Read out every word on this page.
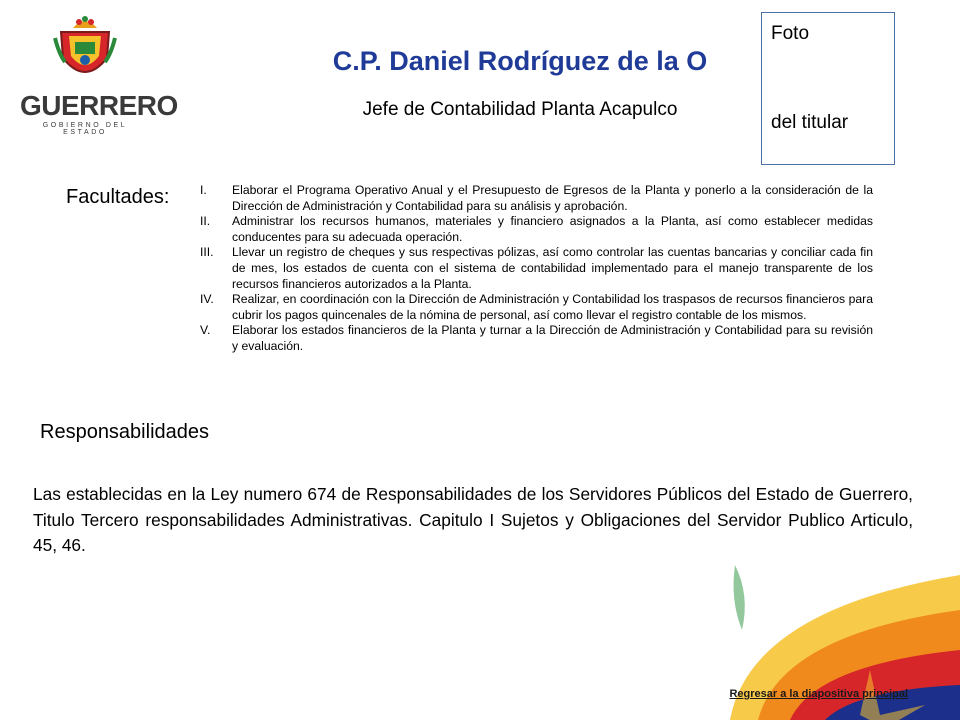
GUERRERO
GOBIERNO DEL ESTADO
C.P. Daniel Rodríguez de la O
Jefe de Contabilidad Planta Acapulco
Foto
del titular
Facultades:	I. Elaborar el Programa Operativo Anual y el Presupuesto de Egresos de la Planta y ponerlo a la consideración de la Dirección de Administración y Contabilidad para su análisis y aprobación.
II. Administrar los recursos humanos, materiales y financiero asignados a la Planta, así como establecer medidas conducentes para su adecuada operación.
III. Llevar un registro de cheques y sus respectivas pólizas, así como controlar las cuentas bancarias y conciliar cada fin de mes, los estados de cuenta con el sistema de contabilidad implementado para el manejo transparente de los recursos financieros autorizados a la Planta.
IV. Realizar, en coordinación con la Dirección de Administración y Contabilidad los traspasos de recursos financieros para cubrir los pagos quincenales de la nómina de personal, así como llevar el registro contable de los mismos.
V. Elaborar los estados financieros de la Planta y turnar a la Dirección de Administración y Contabilidad para su revisión y evaluación.
Responsabilidades
Las establecidas en la Ley numero 674 de Responsabilidades de los Servidores Públicos del Estado de Guerrero, Titulo Tercero responsabilidades Administrativas. Capitulo I Sujetos y Obligaciones del Servidor Publico Articulo, 45, 46.
Regresar a la diapositiva principal
